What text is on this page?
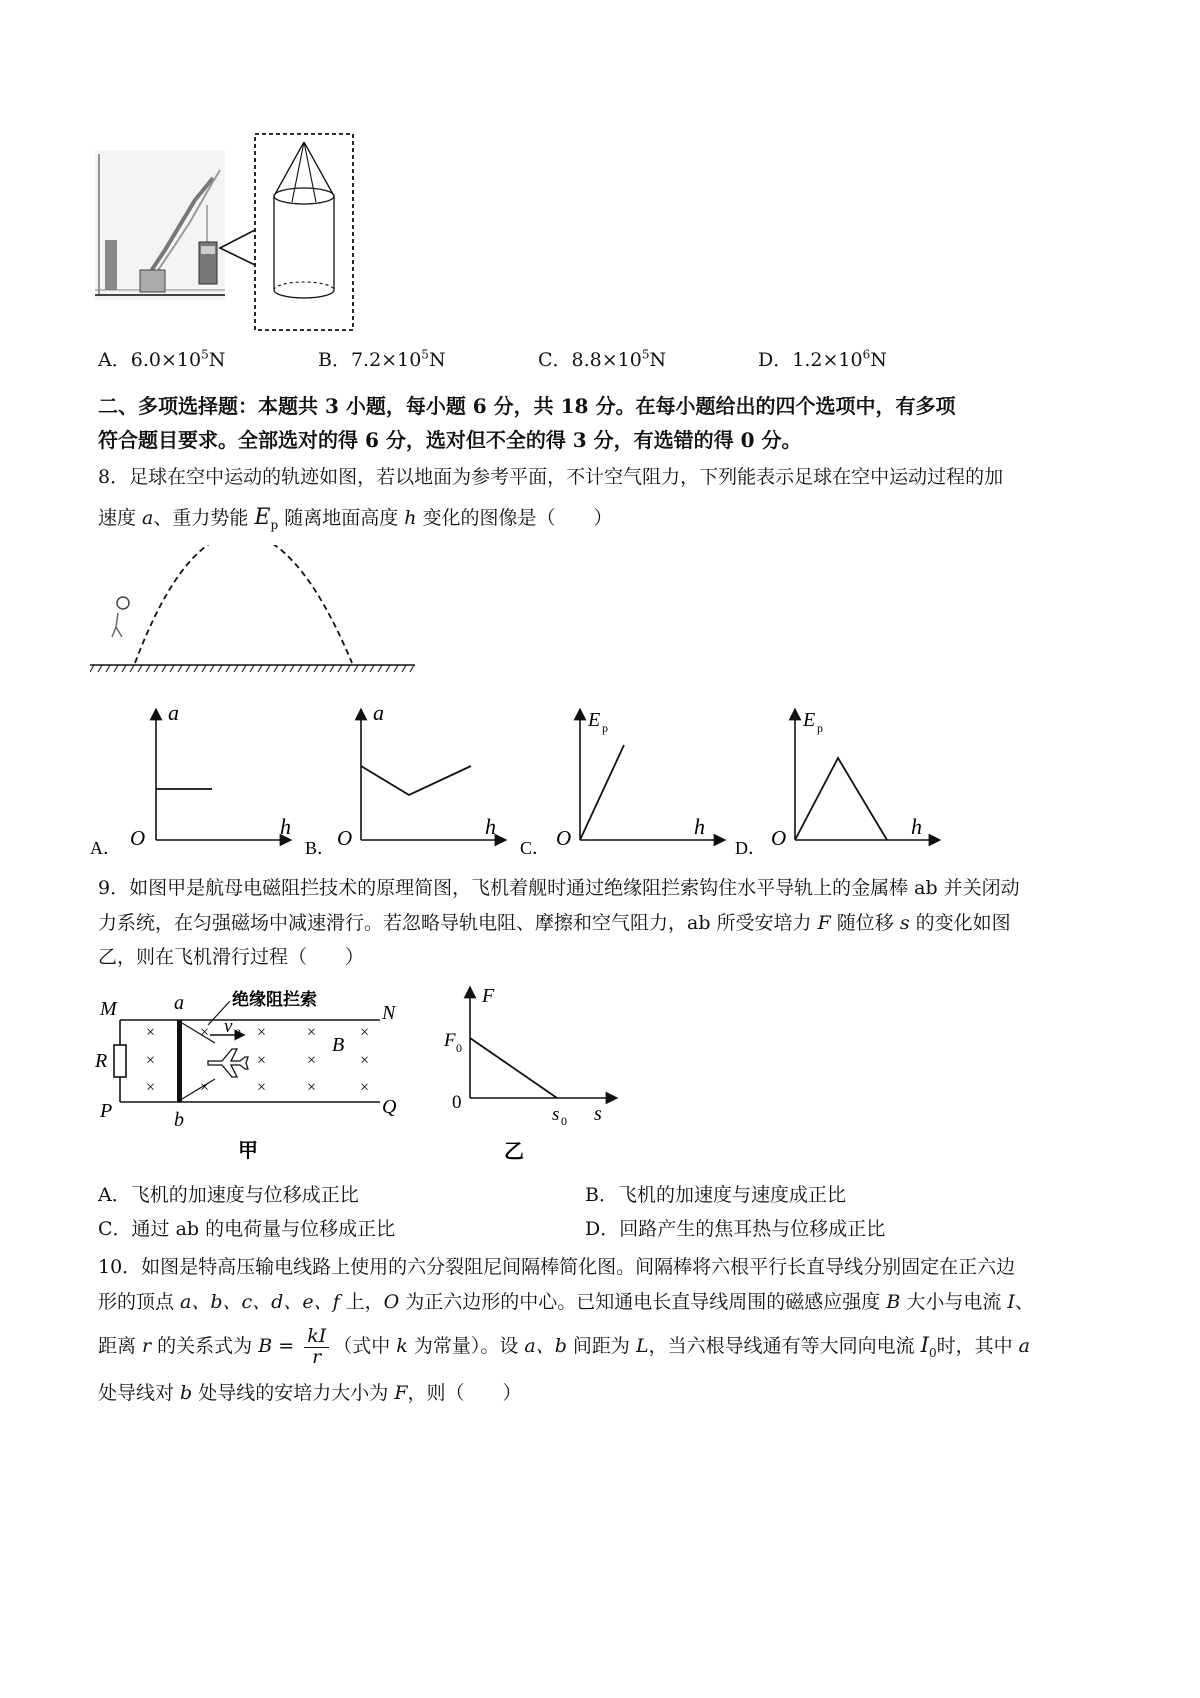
A．$6.0\times 10^5N$	B．$7.2\times 10^5N$	C．$8.8\times 10^5N$	D．$1.2\times 10^6N$
二、多项选择题：本题共 3 小题，每小题 6 分，共 18 分。在每小题给出的四个选项中，有多项
符合题目要求。全部选对的得 6 分，选对但不全的得 3 分，有选错的得 0 分。
8．足球在空中运动的轨迹如图，若以地面为参考平面，不计空气阻力，下列能表示足球在空中运动过程的加
速度 a、重力势能 $E_p$ 随离地面高度 h 变化的图像是（　　）
a
O	h
A．
a
O	h
B．
E p
O	h
C．
E p
O	h
D．
9．如图甲是航母电磁阻拦技术的原理简图，飞机着舰时通过绝缘阻拦索钩住水平导轨上的金属棒 ab 并关闭动
力系统，在匀强磁场中减速滑行。若忽略导轨电阻、摩擦和空气阻力，ab 所受安培力 F 随位移 s 的变化如图
乙，则在飞机滑行过程（　　）
×
×
×
×
×
×
×
×
×
×
×
×
×
×
M	N
P	Q
R
a
b
B
v 0
绝缘阻拦索
甲
F
F 0
0
s 0 s
乙
A．飞机的加速度与位移成正比	B．飞机的加速度与速度成正比
C．通过 ab 的电荷量与位移成正比	D．回路产生的焦耳热与位移成正比
10．如图是特高压输电线路上使用的六分裂阻尼间隔棒简化图。间隔棒将六根平行长直导线分别固定在正六边
形的顶点 a、b、c、d、e、f 上，O 为正六边形的中心。已知通电长直导线周围的磁感应强度 B 大小与电流 I、
距离 r 的关系式为 $B = \frac{kI}{r}$ （式中 k 为常量）。设 a、b 间距为 L，当六根导线通有等大同向电流 $I_0$时，其中 a
处导线对 b 处导线的安培力大小为 F，则（　　）
